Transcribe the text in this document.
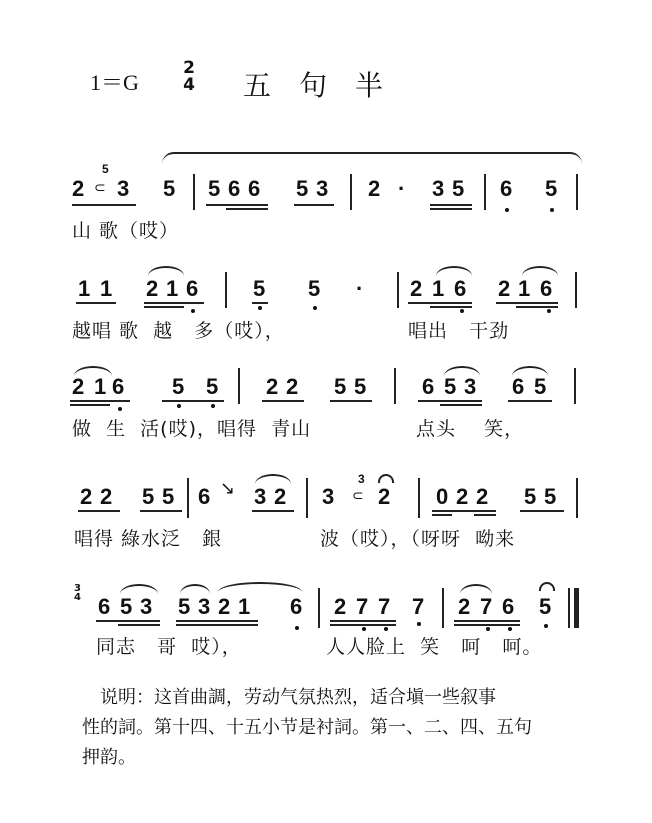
1＝G
2
4 五句半
2
5
⊂ 3 5 5 6 6 5 3 2 · 3 5 6 5
山 歌（哎）
1 1 2 1 6 5 5 · 2 1 6 2 1 6
越唱 歌  越   多（哎），	唱出   干劲
2 1 6 5 5 2 2 5 5	6 5 3 6 5
做  生  活(哎)，唱得  青山	点头    笑，
2 2 5 5 6 ↘ 3 2 3
3
⊂ 2 0 2 2 5 5
唱得 綠水泛   銀	波（哎），（呀呀  呦来
3
4 6 5 3 5 3 2 1 6 2 7 7 7 2 7 6 5
同志   哥  哎），	人人脸上  笑   呵   呵。
说明：这首曲調，劳动气氛热烈，适合塡一些叙事
性的詞。第十四、十五小节是衬詞。第一、二、四、五句
押韵。
